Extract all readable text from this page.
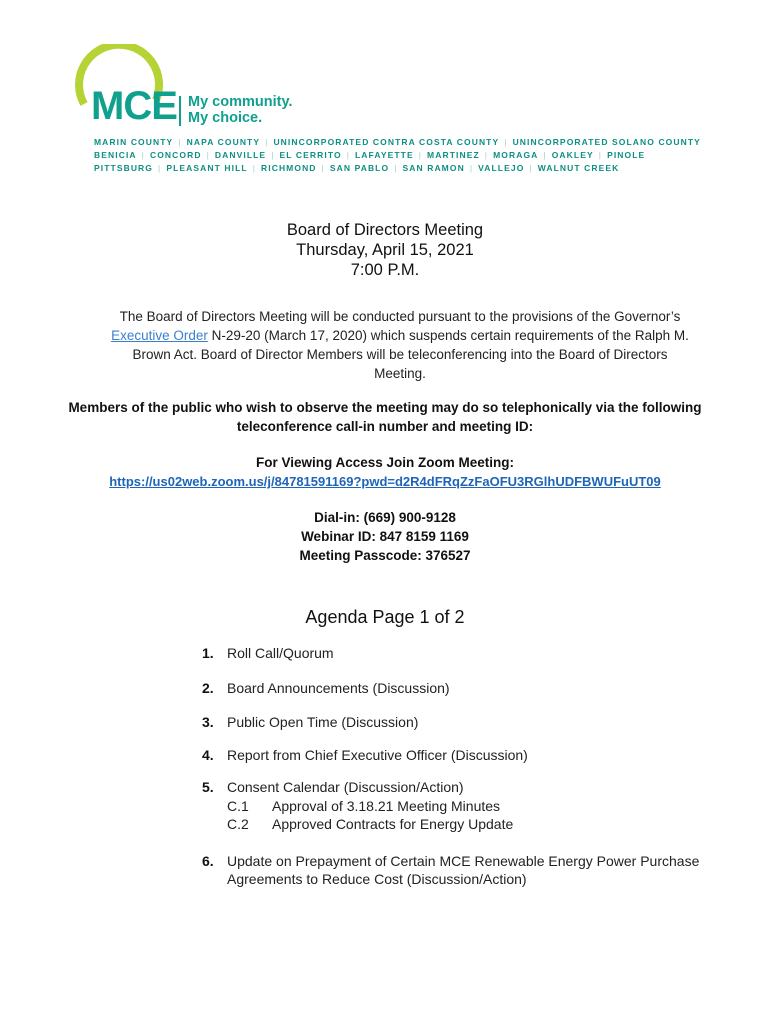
MCE My community.
My choice.
MARIN COUNTY | NAPA COUNTY | UNINCORPORATED CONTRA COSTA COUNTY | UNINCORPORATED SOLANO COUNTY
BENICIA | CONCORD | DANVILLE | EL CERRITO | LAFAYETTE | MARTINEZ | MORAGA | OAKLEY | PINOLE
PITTSBURG | PLEASANT HILL | RICHMOND | SAN PABLO | SAN RAMON | VALLEJO | WALNUT CREEK
Board of Directors Meeting
Thursday, April 15, 2021
7:00 P.M.
The Board of Directors Meeting will be conducted pursuant to the provisions of the Governor’s Executive Order N-29-20 (March 17, 2020) which suspends certain requirements of the Ralph M. Brown Act. Board of Director Members will be teleconferencing into the Board of Directors Meeting.
Members of the public who wish to observe the meeting may do so telephonically via the following teleconference call-in number and meeting ID:
For Viewing Access Join Zoom Meeting:
https://us02web.zoom.us/j/84781591169?pwd=d2R4dFRqZzFaOFU3RGlhUDFBWUFuUT09
Dial-in: (669) 900-9128
Webinar ID: 847 8159 1169
Meeting Passcode: 376527
Agenda Page 1 of 2
1. Roll Call/Quorum
2. Board Announcements (Discussion)
3. Public Open Time (Discussion)
4. Report from Chief Executive Officer (Discussion)
5. Consent Calendar (Discussion/Action)
C.1	Approval of 3.18.21 Meeting Minutes
C.2	Approved Contracts for Energy Update
6. Update on Prepayment of Certain MCE Renewable Energy Power Purchase Agreements to Reduce Cost (Discussion/Action)
